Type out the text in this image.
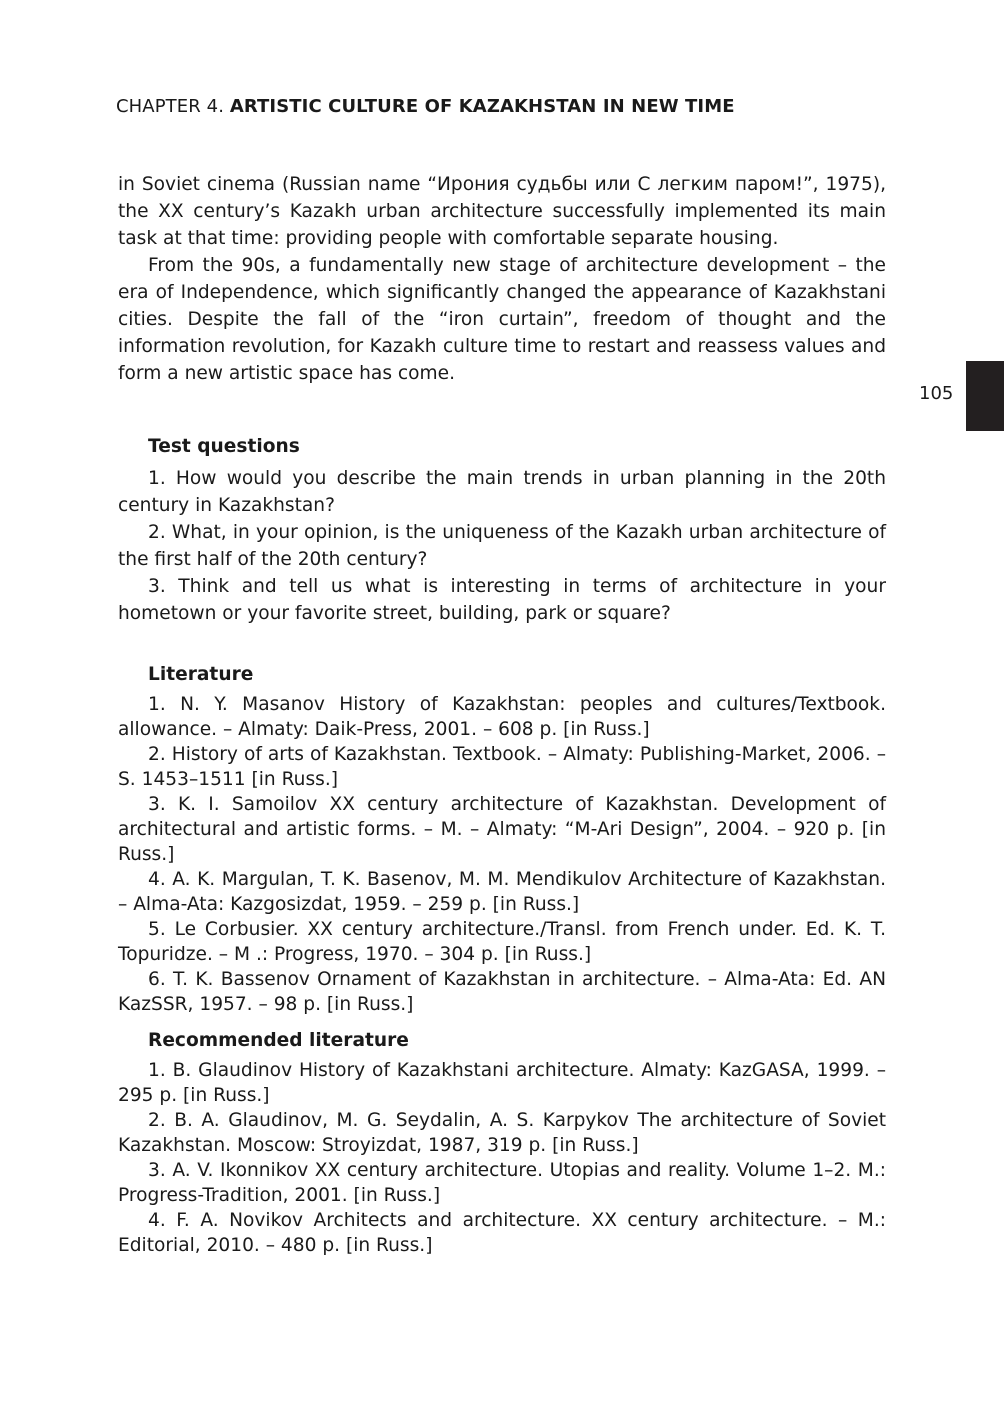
CHAPTER 4. ARTISTIC CULTURE OF KAZAKHSTAN IN NEW TIME
105

in Soviet cinema (Russian name “Ирония судьбы или С легким паром!”, 1975), the XX century’s Kazakh urban architecture successfully implemented its main task at that time: providing people with comfortable separate housing.

From the 90s, a fundamentally new stage of architecture development – the era of Independence, which significantly changed the appearance of Kazakhstani cities. Despite the fall of the “iron curtain”, freedom of thought and the information revolution, for Kazakh culture time to restart and reassess values and form a new artistic space has come.

Test questions

1. How would you describe the main trends in urban planning in the 20th century in Kazakhstan?

2. What, in your opinion, is the uniqueness of the Kazakh urban architecture of the first half of the 20th century?

3. Think and tell us what is interesting in terms of architecture in your hometown or your favorite street, building, park or square?

Literature

1. N. Y. Masanov History of Kazakhstan: peoples and cultures/Textbook. allowance. – Almaty: Daik-Press, 2001. – 608 p. [in Russ.]

2. History of arts of Kazakhstan. Textbook. – Almaty: Publishing-Market, 2006. – S. 1453–1511 [in Russ.]

3. K. I. Samoilov XX century architecture of Kazakhstan. Development of architectural and artistic forms. – M. – Almaty: “M-Ari Design”, 2004. – 920 p. [in Russ.]

4. A. K. Margulan, T. K. Basenov, M. M. Mendikulov Architecture of Kazakhstan. – Alma-Ata: Kazgosizdat, 1959. – 259 p. [in Russ.]

5. Le Corbusier. XX century architecture./Transl. from French under. Ed. K. T. Topuridze. – M .: Progress, 1970. – 304 p. [in Russ.]

6. T. K. Bassenov Ornament of Kazakhstan in architecture. – Alma-Ata: Ed. AN KazSSR, 1957. – 98 p. [in Russ.]

Recommended literature

1. B. Glaudinov History of Kazakhstani architecture. Almaty: KazGASA, 1999. – 295 p. [in Russ.]

2. B. A. Glaudinov, M. G. Seydalin, A. S. Karpykov The architecture of Soviet Kazakhstan. Moscow: Stroyizdat, 1987, 319 p. [in Russ.]

3. A. V. Ikonnikov XX century architecture. Utopias and reality. Volume 1–2. M.: Progress-Tradition, 2001. [in Russ.]

4. F. A. Novikov Architects and architecture. XX century architecture. – M.: Editorial, 2010. – 480 p. [in Russ.]
